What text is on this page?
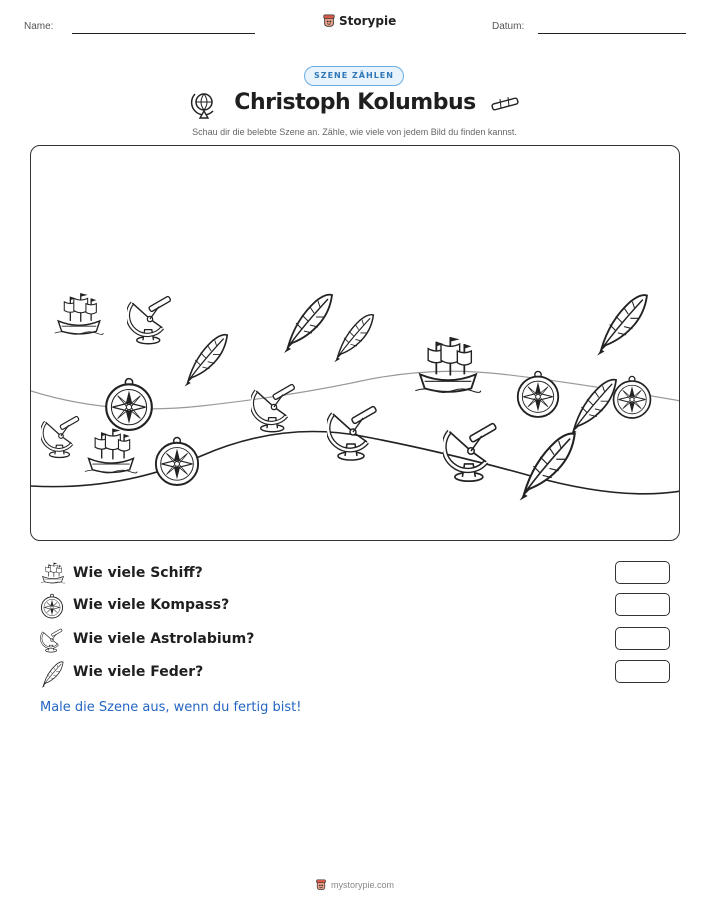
Name:	Storypie	Datum:
SZENE ZÄHLEN
Christoph Kolumbus
Schau dir die belebte Szene an. Zähle, wie viele von jedem Bild du finden kannst.
Wie viele Schiff?
Wie viele Kompass?
Wie viele Astrolabium?
Wie viele Feder?
Male die Szene aus, wenn du fertig bist!
mystorypie.com
